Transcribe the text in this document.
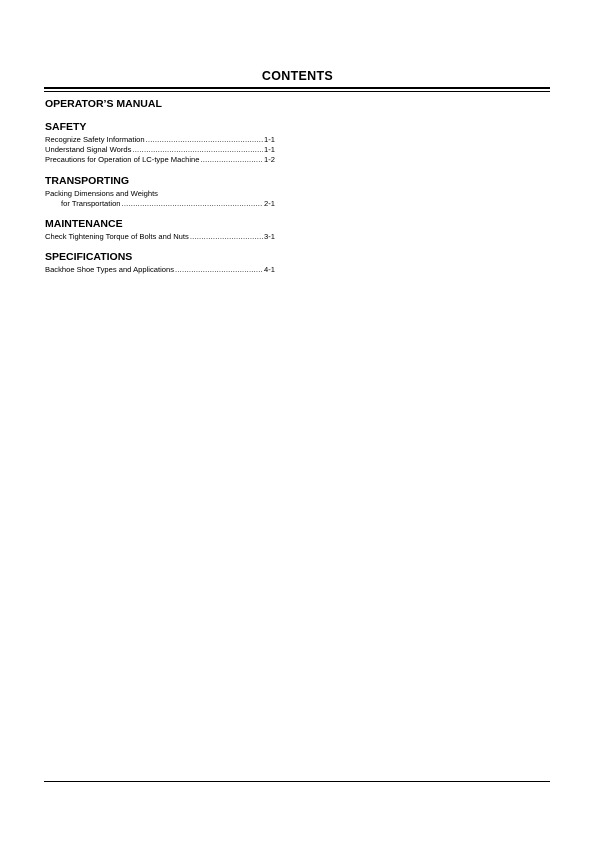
CONTENTS
OPERATOR’S MANUAL
SAFETY
Recognize Safety Information .....	1-1
Understand Signal Words .....	1-1
Precautions for Operation of LC-type Machine .....	1-2
TRANSPORTING
Packing Dimensions and Weights
for Transportation .....	2-1
MAINTENANCE
Check Tightening Torque of Bolts and Nuts .....	3-1
SPECIFICATIONS
Backhoe Shoe Types and Applications .....	4-1
